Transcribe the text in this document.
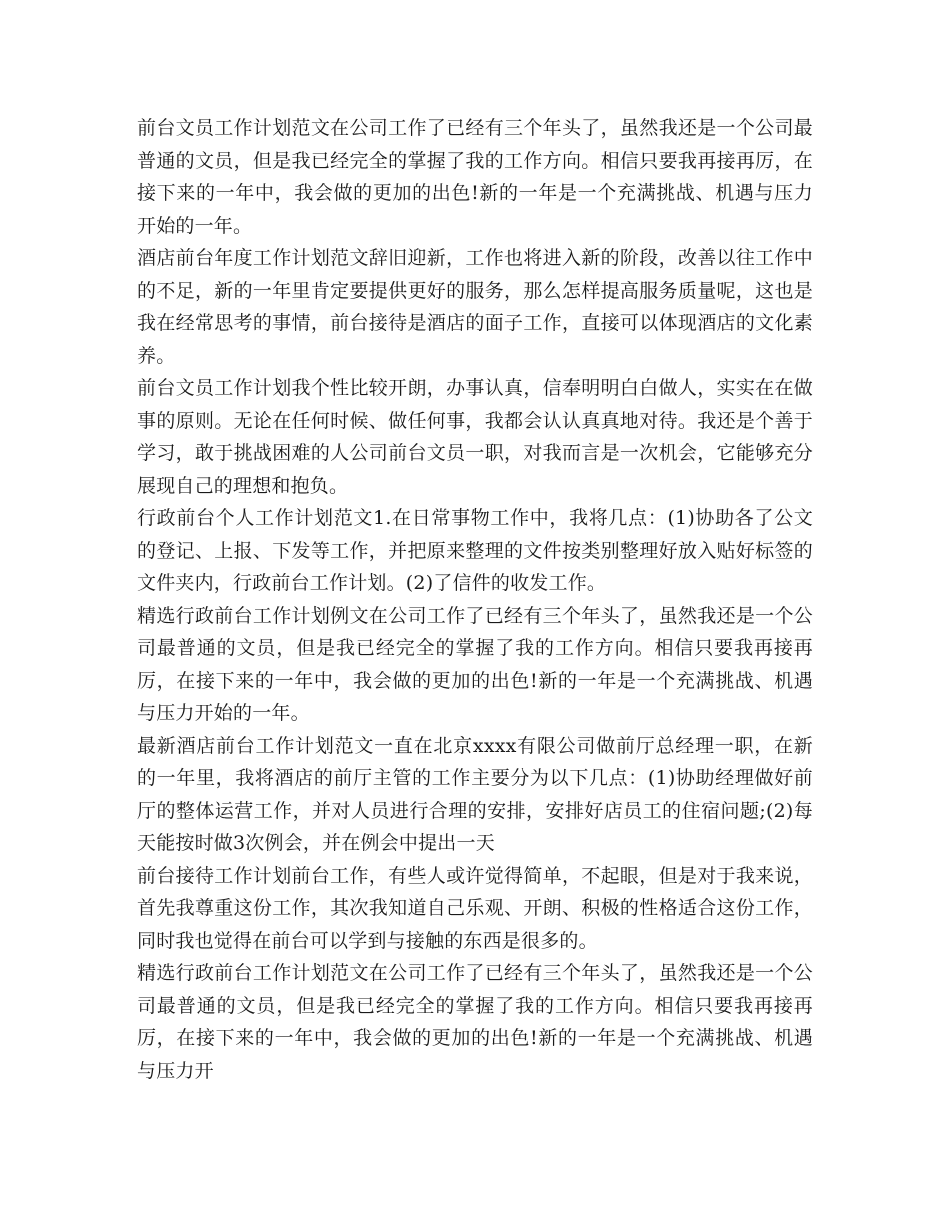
前台文员工作计划范文在公司工作了已经有三个年头了，虽然我还是一个公司最普通的文员，但是我已经完全的掌握了我的工作方向。相信只要我再接再厉，在接下来的一年中，我会做的更加的出色!新的一年是一个充满挑战、机遇与压力开始的一年。

酒店前台年度工作计划范文辞旧迎新，工作也将进入新的阶段，改善以往工作中的不足，新的一年里肯定要提供更好的服务，那么怎样提高服务质量呢，这也是我在经常思考的事情，前台接待是酒店的面子工作，直接可以体现酒店的文化素养。

前台文员工作计划我个性比较开朗，办事认真，信奉明明白白做人，实实在在做事的原则。无论在任何时候、做任何事，我都会认认真真地对待。我还是个善于学习，敢于挑战困难的人公司前台文员一职，对我而言是一次机会，它能够充分展现自己的理想和抱负。

行政前台个人工作计划范文1.在日常事物工作中，我将几点：(1)协助各了公文的登记、上报、下发等工作，并把原来整理的文件按类别整理好放入贴好标签的文件夹内，行政前台工作计划。(2)了信件的收发工作。

精选行政前台工作计划例文在公司工作了已经有三个年头了，虽然我还是一个公司最普通的文员，但是我已经完全的掌握了我的工作方向。相信只要我再接再厉，在接下来的一年中，我会做的更加的出色!新的一年是一个充满挑战、机遇与压力开始的一年。

最新酒店前台工作计划范文一直在北京xxxx有限公司做前厅总经理一职，在新的一年里，我将酒店的前厅主管的工作主要分为以下几点：(1)协助经理做好前厅的整体运营工作，并对人员进行合理的安排，安排好店员工的住宿问题;(2)每天能按时做3次例会，并在例会中提出一天

前台接待工作计划前台工作，有些人或许觉得简单，不起眼，但是对于我来说，首先我尊重这份工作，其次我知道自己乐观、开朗、积极的性格适合这份工作，同时我也觉得在前台可以学到与接触的东西是很多的。

精选行政前台工作计划范文在公司工作了已经有三个年头了，虽然我还是一个公司最普通的文员，但是我已经完全的掌握了我的工作方向。相信只要我再接再厉，在接下来的一年中，我会做的更加的出色!新的一年是一个充满挑战、机遇与压力开
